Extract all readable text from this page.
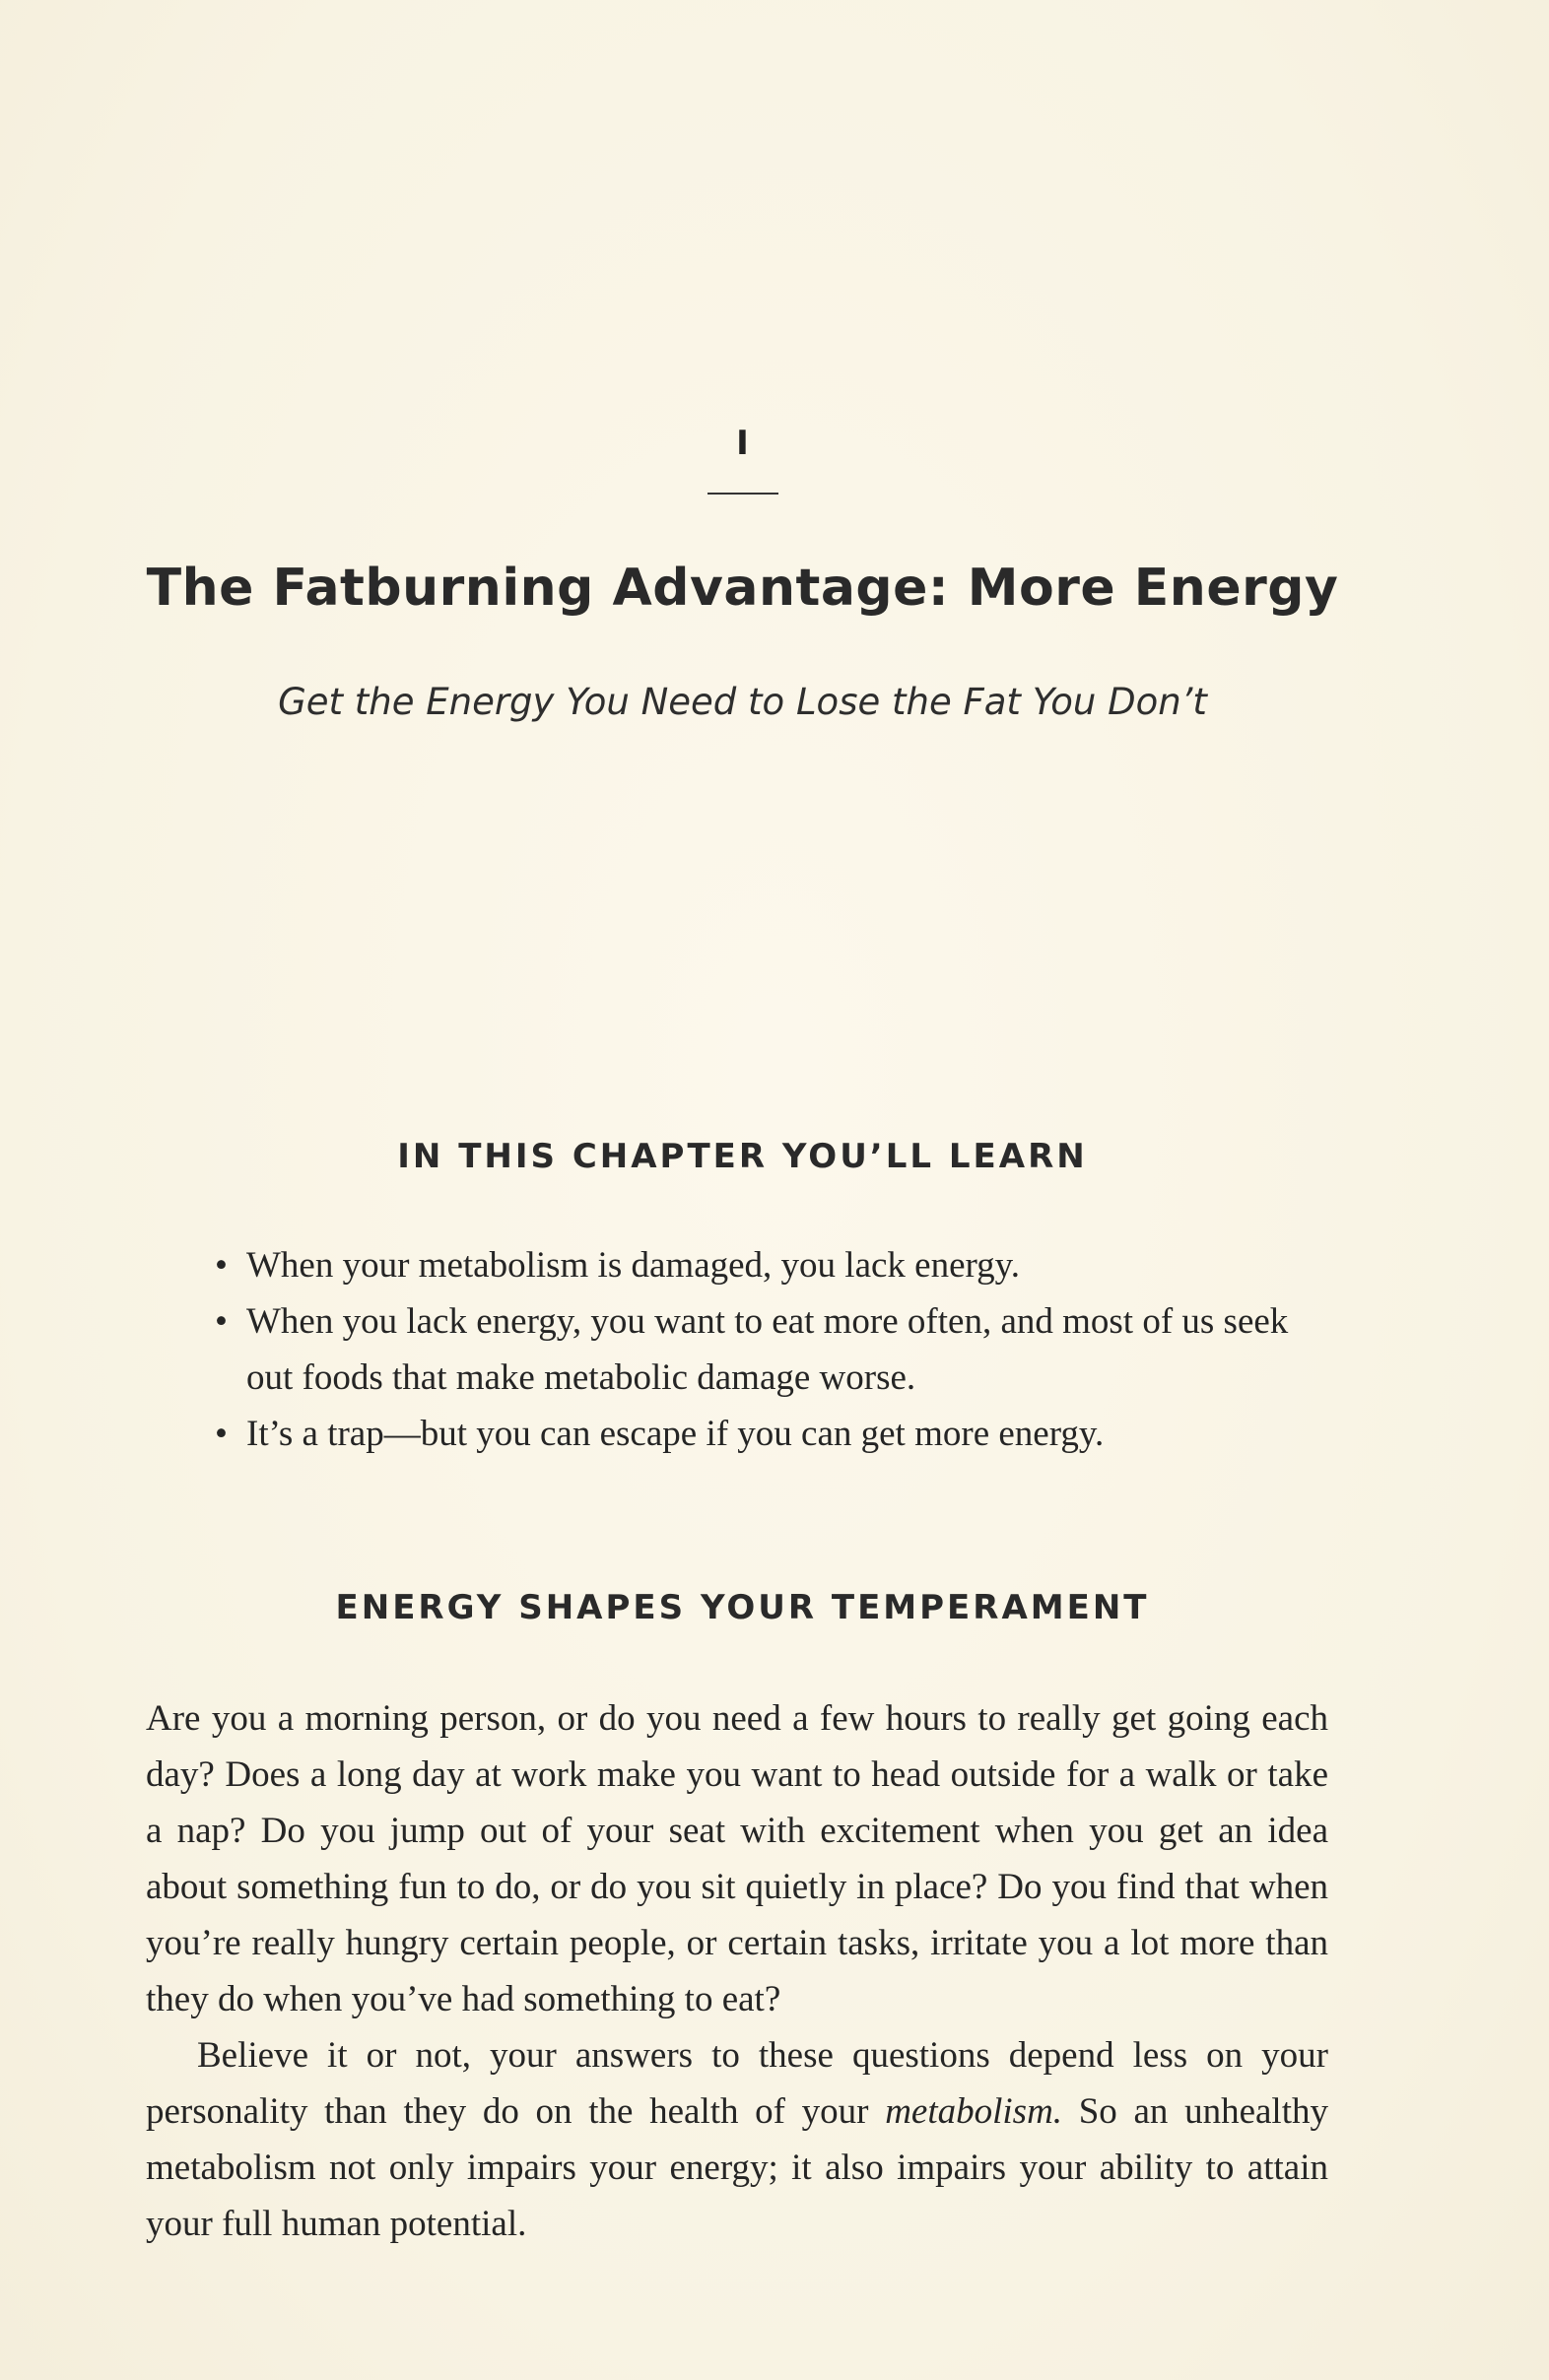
I
The Fatburning Advantage: More Energy
Get the Energy You Need to Lose the Fat You Don’t
IN THIS CHAPTER YOU’LL LEARN
• When your metabolism is damaged, you lack energy.
• When you lack energy, you want to eat more often, and most of us seek out foods that make metabolic damage worse.
• It’s a trap—but you can escape if you can get more energy.
ENERGY SHAPES YOUR TEMPERAMENT

Are you a morning person, or do you need a few hours to really get going each day? Does a long day at work make you want to head outside for a walk or take a nap? Do you jump out of your seat with excitement when you get an idea about something fun to do, or do you sit quietly in place? Do you find that when you’re really hungry certain people, or certain tasks, irritate you a lot more than they do when you’ve had something to eat?

Believe it or not, your answers to these questions depend less on your personality than they do on the health of your metabolism. So an unhealthy metabolism not only impairs your energy; it also impairs your ability to attain your full human potential.
